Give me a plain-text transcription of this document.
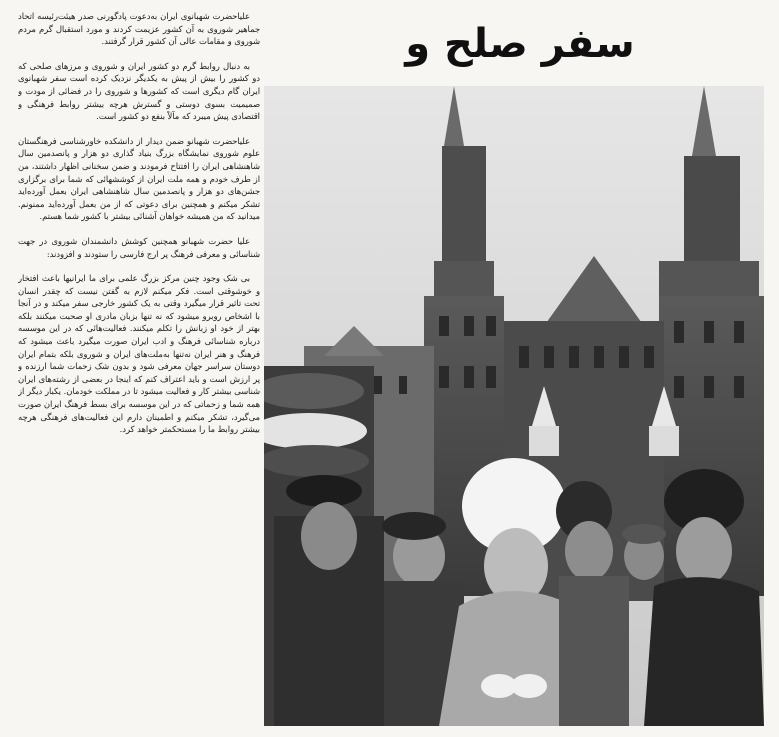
سفر صلح و

علیاحضرت شهبانوی ایران به‌دعوت پادگورنی صدر هیئت‌رئیسه اتحاد جماهیر شوروی به آن کشور عزیمت کردند و مورد استقبال گرم مردم شوروی و مقامات عالی آن کشور قرار گرفتند.

به دنبال روابط گرم دو کشور ایران و شوروی و مرزهای صلحی که دو کشور را بیش از پیش به یکدیگر نزدیک کرده است سفر شهبانوی ایران گام دیگری است که کشورها و شوروی را در فضائی از مودت و صمیمیت بسوی دوستی و گسترش هرچه بیشتر روابط فرهنگی و اقتصادی پیش میبرد که مآلاً بنفع دو کشور است.

علیاحضرت شهبانو ضمن دیدار از دانشکده خاورشناسی فرهنگستان علوم شوروی نمایشگاه بزرگ بنیاد گذاری دو هزار و پانصدمین سال شاهنشاهی ایران را افتتاح فرمودند و ضمن سخنانی اظهار داشتند، من از طرف خودم و همه ملت ایران از کوششهائی که شما برای برگزاری جشن‌های دو هزار و پانصدمین سال شاهنشاهی ایران بعمل آورده‌اید تشکر میکنم و همچنین برای دعوتی که از من بعمل آورده‌اید ممنونم. میدانید که من همیشه خواهان آشنائی بیشتر با کشور شما هستم.

علیا حضرت شهبانو همچنین کوشش دانشمندان شوروی در جهت شناسائی و معرفی فرهنگ پر ارج فارسی را ستودند و افزودند:

بی شک وجود چنین مرکز بزرگ علمی برای ما ایرانیها باعث افتخار و خوشوقتی است. فکر میکنم لازم به گفتن نیست که چقدر انسان تحت تاثیر قرار میگیرد وقتی به یک کشور خارجی سفر میکند و در آنجا با اشخاص روبرو میشود که نه تنها بزبان مادری او صحبت میکنند بلکه بهتر از خود او زبانش را تکلم میکنند. فعالیت‌هائی که در این موسسه درباره شناسائی فرهنگ و ادب ایران صورت میگیرد باعث میشود که فرهنگ و هنر ایران نه‌تنها به‌ملت‌های ایران و شوروی بلکه بتمام ایران دوستان سراسر جهان معرفی شود و بدون شک زحمات شما ارزنده و پر ارزش است و باید اعتراف کنم که اینجا در بعضی از رشته‌های ایران شناسی بیشتر کار و فعالیت میشود تا در مملکت خودمان. یکبار دیگر از همه شما و زحماتی که در این موسسه برای بسط فرهنگ ایران صورت می‌گیرد، تشکر میکنم و اطمینان دارم این فعالیت‌های فرهنگی هرچه بیشتر روابط ما را مستحکمتر خواهد کرد.
